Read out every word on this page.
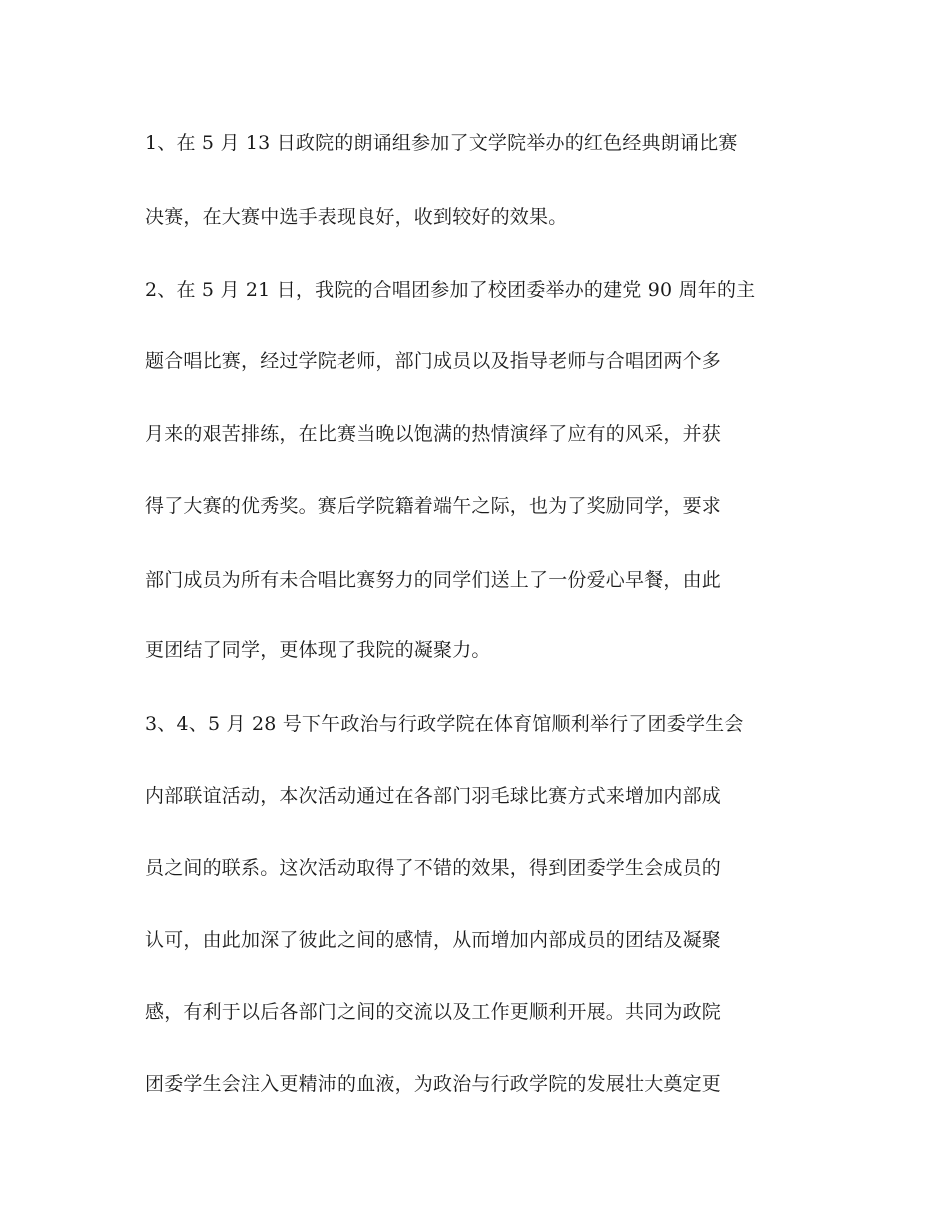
1、在 5 月 13 日政院的朗诵组参加了文学院举办的红色经典朗诵比赛
决赛，在大赛中选手表现良好，收到较好的效果。
2、在 5 月 21 日，我院的合唱团参加了校团委举办的建党 90 周年的主
题合唱比赛，经过学院老师，部门成员以及指导老师与合唱团两个多
月来的艰苦排练，在比赛当晚以饱满的热情演绎了应有的风采，并获
得了大赛的优秀奖。赛后学院籍着端午之际，也为了奖励同学，要求
部门成员为所有未合唱比赛努力的同学们送上了一份爱心早餐，由此
更团结了同学，更体现了我院的凝聚力。
3、4、5 月 28 号下午政治与行政学院在体育馆顺利举行了团委学生会
内部联谊活动，本次活动通过在各部门羽毛球比赛方式来增加内部成
员之间的联系。这次活动取得了不错的效果，得到团委学生会成员的
认可，由此加深了彼此之间的感情，从而增加内部成员的团结及凝聚
感，有利于以后各部门之间的交流以及工作更顺利开展。共同为政院
团委学生会注入更精沛的血液，为政治与行政学院的发展壮大奠定更
